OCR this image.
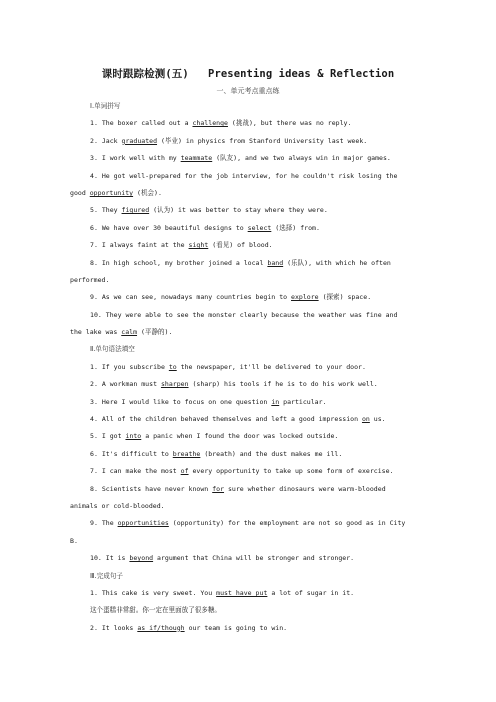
课时跟踪检测(五)   Presenting ideas & Reflection
一、单元考点重点练
Ⅰ.单词拼写
1. The boxer called out a challenge (挑战), but there was no reply.
2. Jack graduated (毕业) in physics from Stanford University last week.
3. I work well with my teammate (队友), and we two always win in major games.
4. He got well-prepared for the job interview, for he couldn't risk losing the
good opportunity (机会).
5. They figured (认为) it was better to stay where they were.
6. We have over 30 beautiful designs to select (选择) from.
7. I always faint at the sight (看见) of blood.
8. In high school, my brother joined a local band (乐队), with which he often
performed.
9. As we can see, nowadays many countries begin to explore (探索) space.
10. They were able to see the monster clearly because the weather was fine and
the lake was calm (平静的).
Ⅱ.单句语法填空
1. If you subscribe to the newspaper, it'll be delivered to your door.
2. A workman must sharpen (sharp) his tools if he is to do his work well.
3. Here I would like to focus on one question in particular.
4. All of the children behaved themselves and left a good impression on us.
5. I got into a panic when I found the door was locked outside.
6. It's difficult to breathe (breath) and the dust makes me ill.
7. I can make the most of every opportunity to take up some form of exercise.
8. Scientists have never known for sure whether dinosaurs were warm-blooded
animals or cold-blooded.
9. The opportunities (opportunity) for the employment are not so good as in City
B.
10. It is beyond argument that China will be stronger and stronger.
Ⅲ.完成句子
1. This cake is very sweet. You must have put a lot of sugar in it.
这个蛋糕非常甜。你一定在里面放了很多糖。
2. It looks as if/though our team is going to win.
